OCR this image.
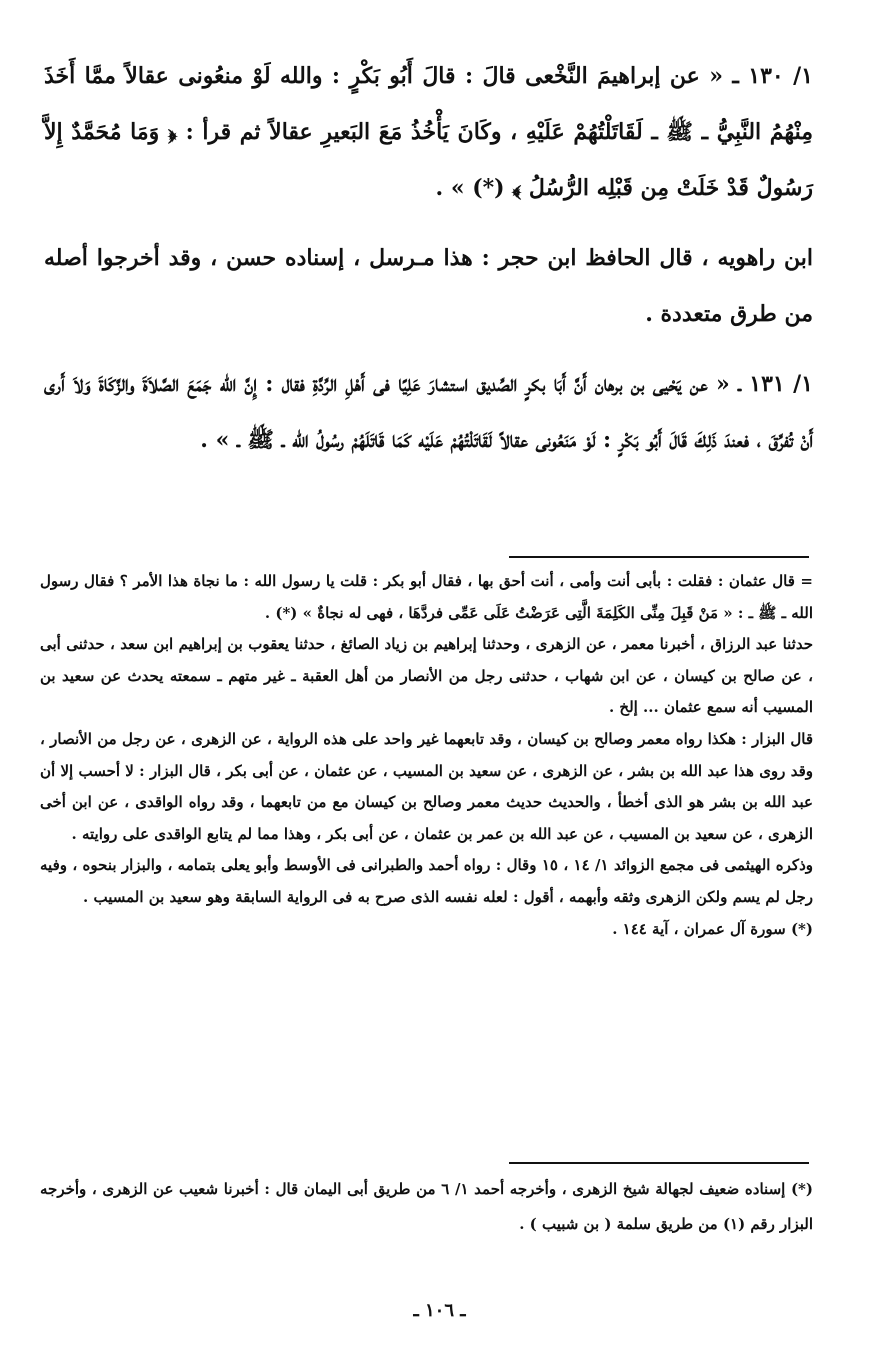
١/ ١٣٠ ـ « عن إبراهيمَ النَّخْعى قالَ : قالَ أَبُو بَكْرٍ : والله لَوْ منعُونى عقالاً ممَّا أَخَذَ مِنْهُمُ النَّبِيُّ ـ ﷺ ـ لَقَاتَلْتُهُمْ عَلَيْهِ ، وكَانَ يَأْخُذُ مَعَ البَعيرِ عقالاً ثم قرأ : ﴿ وَمَا مُحَمَّدٌ إِلاَّ رَسُولٌ قَدْ خَلَتْ مِن قَبْلِه الرُّسُلُ ﴾ (*) » .

ابن راهويه ، قال الحافظ ابن حجر : هذا مـرسل ، إسناده حسن ، وقد أخرجوا أصله من طرق متعددة .

١/ ١٣١ ـ « عن يَحْيى بن برهان أَنَّ أَبَا بكرٍ الصِّديق استشارَ عَلِيًا فى أَهْلِ الرِّدَّةِ فقال : إِنَّ الله جَمَعَ الصَّلاَةَ والزَّكَاةَ وَلاَ أَرى أَنْ تُفرِّقَ ، فعندَ ذَلِكَ قَالَ أَبُو بَكْرٍ : لَوْ مَنَعُونى عقالاً لَقَاتَلْتُهُمْ عَلَيْه كَمَا قَاتَلَهُمْ رسُولُ الله ـ ﷺ ـ » .

= قال عثمان : فقلت : بأبى أنت وأمى ، أنت أحق بها ، فقال أبو بكر : قلت يا رسول الله : ما نجاة هذا الأمر ؟ فقال رسول الله ـ ﷺ ـ : « مَنْ قَبِلَ مِنِّى الكَلِمَةَ الَّتِى عَرَضْتُ عَلَى عَمِّى فردَّهَا ، فهى له نجاةٌ » (*) .

حدثنا عبد الرزاق ، أخبرنا معمر ، عن الزهرى ، وحدثنا إبراهيم بن زياد الصائغ ، حدثنا يعقوب بن إبراهيم ابن سعد ، حدثنى أبى ، عن صالح بن كيسان ، عن ابن شهاب ، حدثنى رجل من الأنصار من أهل العقبة ـ غير متهم ـ سمعته يحدث عن سعيد بن المسيب أنه سمع عثمان ... إلخ .

قال البزار : هكذا رواه معمر وصالح بن كيسان ، وقد تابعهما غير واحد على هذه الرواية ، عن الزهرى ، عن رجل من الأنصار ، وقد روى هذا عبد الله بن بشر ، عن الزهرى ، عن سعيد بن المسيب ، عن عثمان ، عن أبى بكر ، قال البزار : لا أحسب إلا أن عبد الله بن بشر هو الذى أخطأ ، والحديث حديث معمر وصالح بن كيسان مع من تابعهما ، وقد رواه الواقدى ، عن ابن أخى الزهرى ، عن سعيد بن المسيب ، عن عبد الله بن عمر بن عثمان ، عن أبى بكر ، وهذا مما لم يتابع الواقدى على روايته .

وذكره الهيثمى فى مجمع الزوائد ١/ ١٤ ، ١٥ وقال : رواه أحمد والطبرانى فى الأوسط وأبو يعلى بتمامه ، والبزار بنحوه ، وفيه رجل لم يسم ولكن الزهرى وثقه وأبهمه ، أقول : لعله نفسه الذى صرح به فى الرواية السابقة وهو سعيد بن المسيب .

(*) سورة آل عمران ، آية ١٤٤ .

(*) إسناده ضعيف لجهالة شيخ الزهرى ، وأخرجه أحمد ١/ ٦ من طريق أبى اليمان قال : أخبرنا شعيب عن الزهرى ، وأخرجه البزار رقم (١) من طريق سلمة ( بن شبيب ) .

ـ ١٠٦ ـ
